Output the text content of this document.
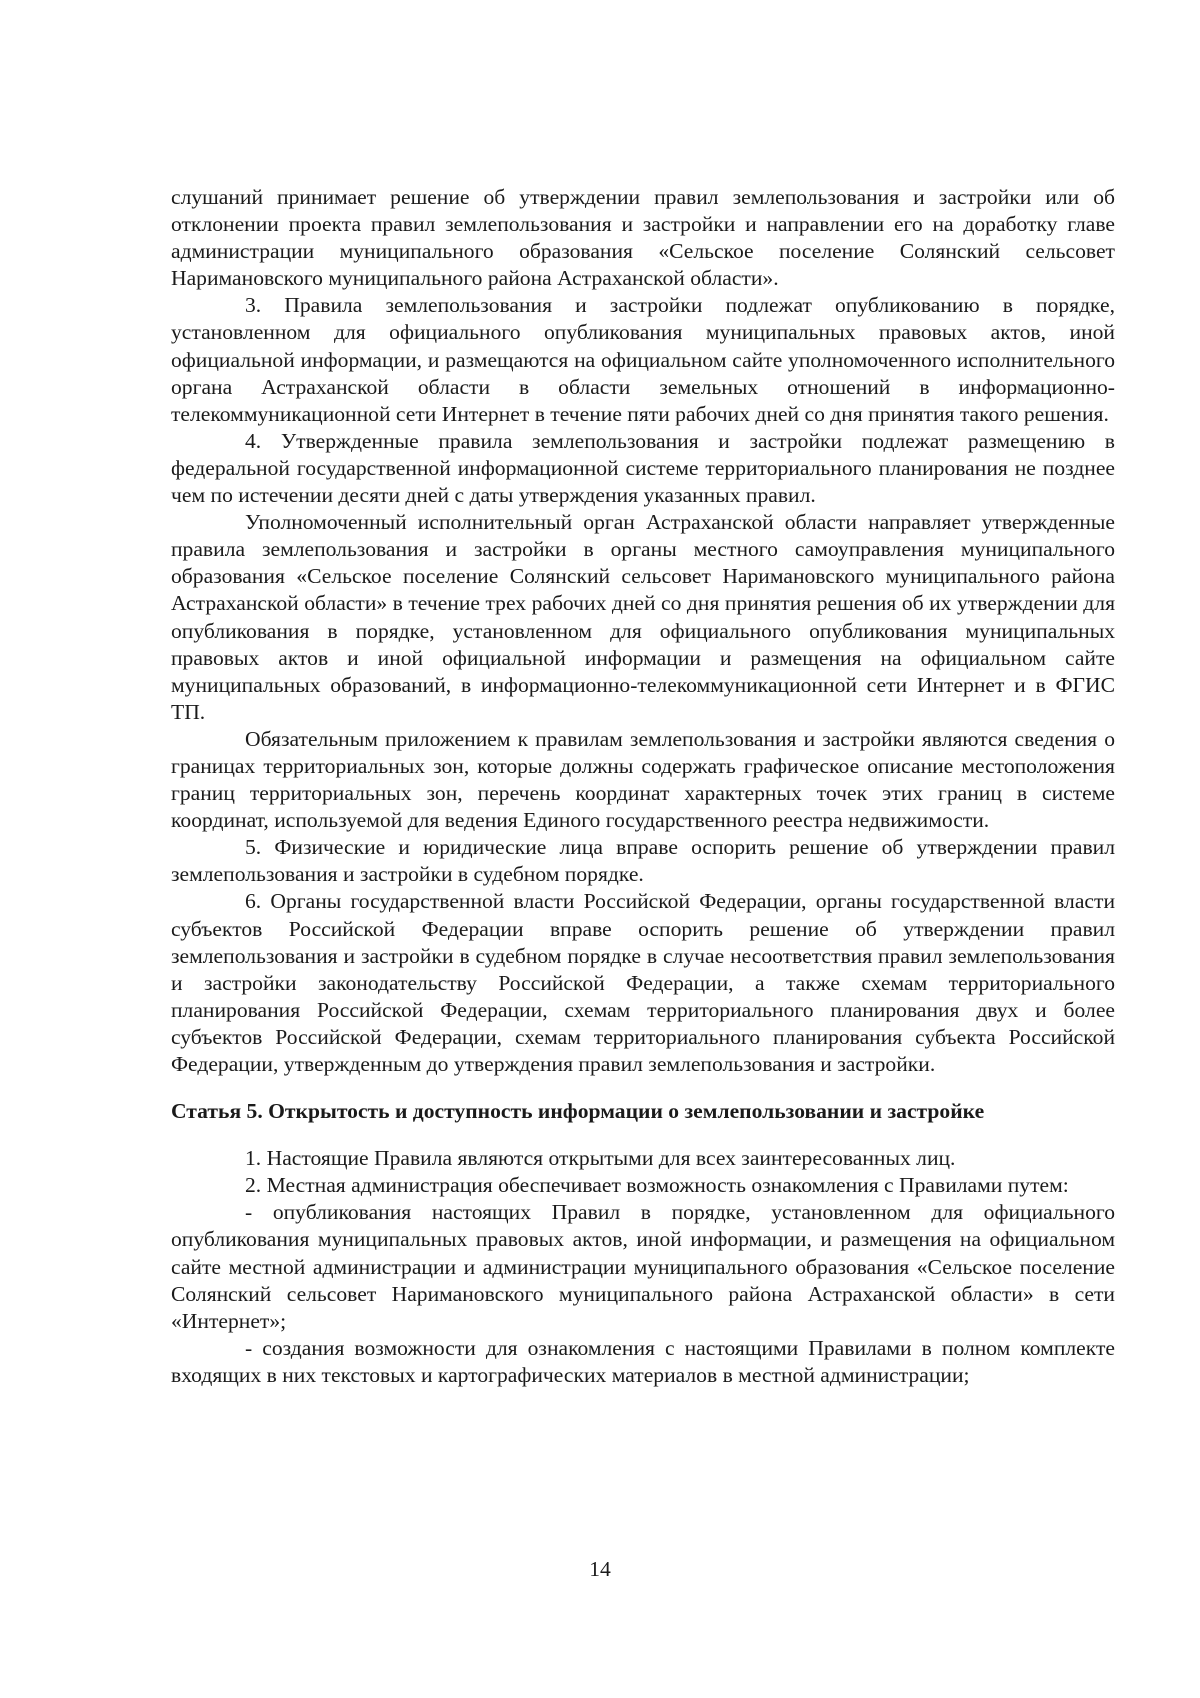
слушаний принимает решение об утверждении правил землепользования и застройки или об отклонении проекта правил землепользования и застройки и направлении его на доработку главе администрации муниципального образования «Сельское поселение Солянский сельсовет Наримановского муниципального района Астраханской области».

3. Правила землепользования и застройки подлежат опубликованию в порядке, установленном для официального опубликования муниципальных правовых актов, иной официальной информации, и размещаются на официальном сайте уполномоченного исполнительного органа Астраханской области в области земельных отношений в информационно-телекоммуникационной сети Интернет в течение пяти рабочих дней со дня принятия такого решения.

4. Утвержденные правила землепользования и застройки подлежат размещению в федеральной государственной информационной системе территориального планирования не позднее чем по истечении десяти дней с даты утверждения указанных правил.

Уполномоченный исполнительный орган Астраханской области направляет утвержденные правила землепользования и застройки в органы местного самоуправления муниципального образования «Сельское поселение Солянский сельсовет Наримановского муниципального района Астраханской области» в течение трех рабочих дней со дня принятия решения об их утверждении для опубликования в порядке, установленном для официального опубликования муниципальных правовых актов и иной официальной информации и размещения на официальном сайте муниципальных образований, в информационно-телекоммуникационной сети Интернет и в ФГИС ТП.

Обязательным приложением к правилам землепользования и застройки являются сведения о границах территориальных зон, которые должны содержать графическое описание местоположения границ территориальных зон, перечень координат характерных точек этих границ в системе координат, используемой для ведения Единого государственного реестра недвижимости.

5. Физические и юридические лица вправе оспорить решение об утверждении правил землепользования и застройки в судебном порядке.

6. Органы государственной власти Российской Федерации, органы государственной власти субъектов Российской Федерации вправе оспорить решение об утверждении правил землепользования и застройки в судебном порядке в случае несоответствия правил землепользования и застройки законодательству Российской Федерации, а также схемам территориального планирования Российской Федерации, схемам территориального планирования двух и более субъектов Российской Федерации, схемам территориального планирования субъекта Российской Федерации, утвержденным до утверждения правил землепользования и застройки.

Статья 5. Открытость и доступность информации о землепользовании и застройке

1. Настоящие Правила являются открытыми для всех заинтересованных лиц.

2. Местная администрация обеспечивает возможность ознакомления с Правилами путем:

- опубликования настоящих Правил в порядке, установленном для официального опубликования муниципальных правовых актов, иной информации, и размещения на официальном сайте местной администрации и администрации муниципального образования «Сельское поселение Солянский сельсовет Наримановского муниципального района Астраханской области» в сети «Интернет»;

- создания возможности для ознакомления с настоящими Правилами в полном комплекте входящих в них текстовых и картографических материалов в местной администрации;

14
